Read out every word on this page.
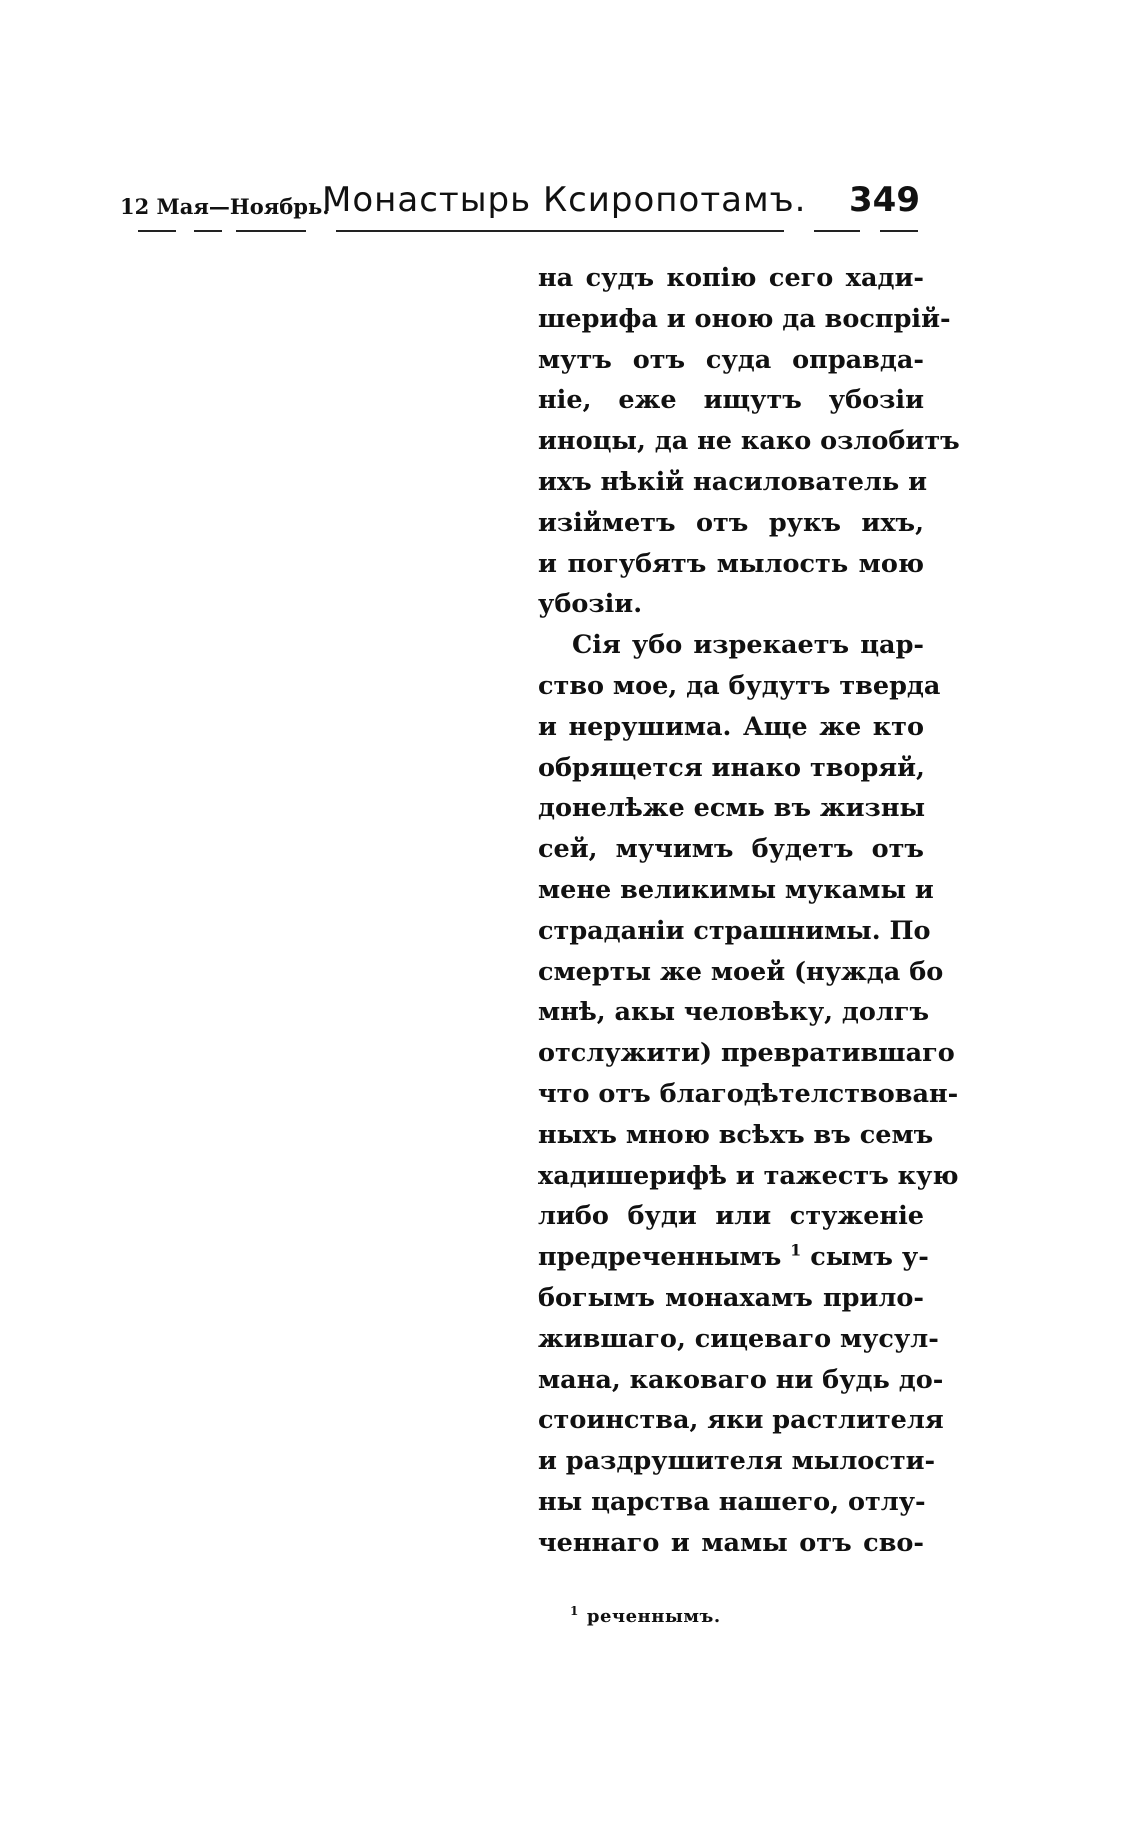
12 Мая—Ноябрь.
Монастырь Ксиропотамъ. 349
на судъ копію сего хади-
шерифа и оною да воспрій-
мутъ отъ суда оправда-
ніе, еже ищутъ убозіи
иноцы, да не како озлобитъ
ихъ нѣкій насилователь и
изійметъ отъ рукъ ихъ,
и погубятъ мылость мою
убозіи.
Сія убо изрекаетъ цар-
ство мое, да будутъ тверда
и нерушима. Аще же кто
обрящется инако творяй,
донелѣже есмь въ жизны
сей, мучимъ будетъ отъ
мене великимы мукамы и
страданіи страшнимы. По
смерты же моей (нужда бо
мнѣ, акы человѣку, долгъ
отслужити) превратившаго
что отъ благодѣтелствован-
ныхъ мною всѣхъ въ семъ
хадишерифѣ и тажестъ кую
либо буди или стуженіе
предреченнымъ $^1$ сымъ у-
богымъ монахамъ прило-
жившаго, сицеваго мусул-
мана, каковаго ни будь до-
стоинства, яки растлителя
и раздрушителя мылости-
ны царства нашего, отлу-
ченнаго и мамы отъ сво-
$^1$ реченнымъ.
